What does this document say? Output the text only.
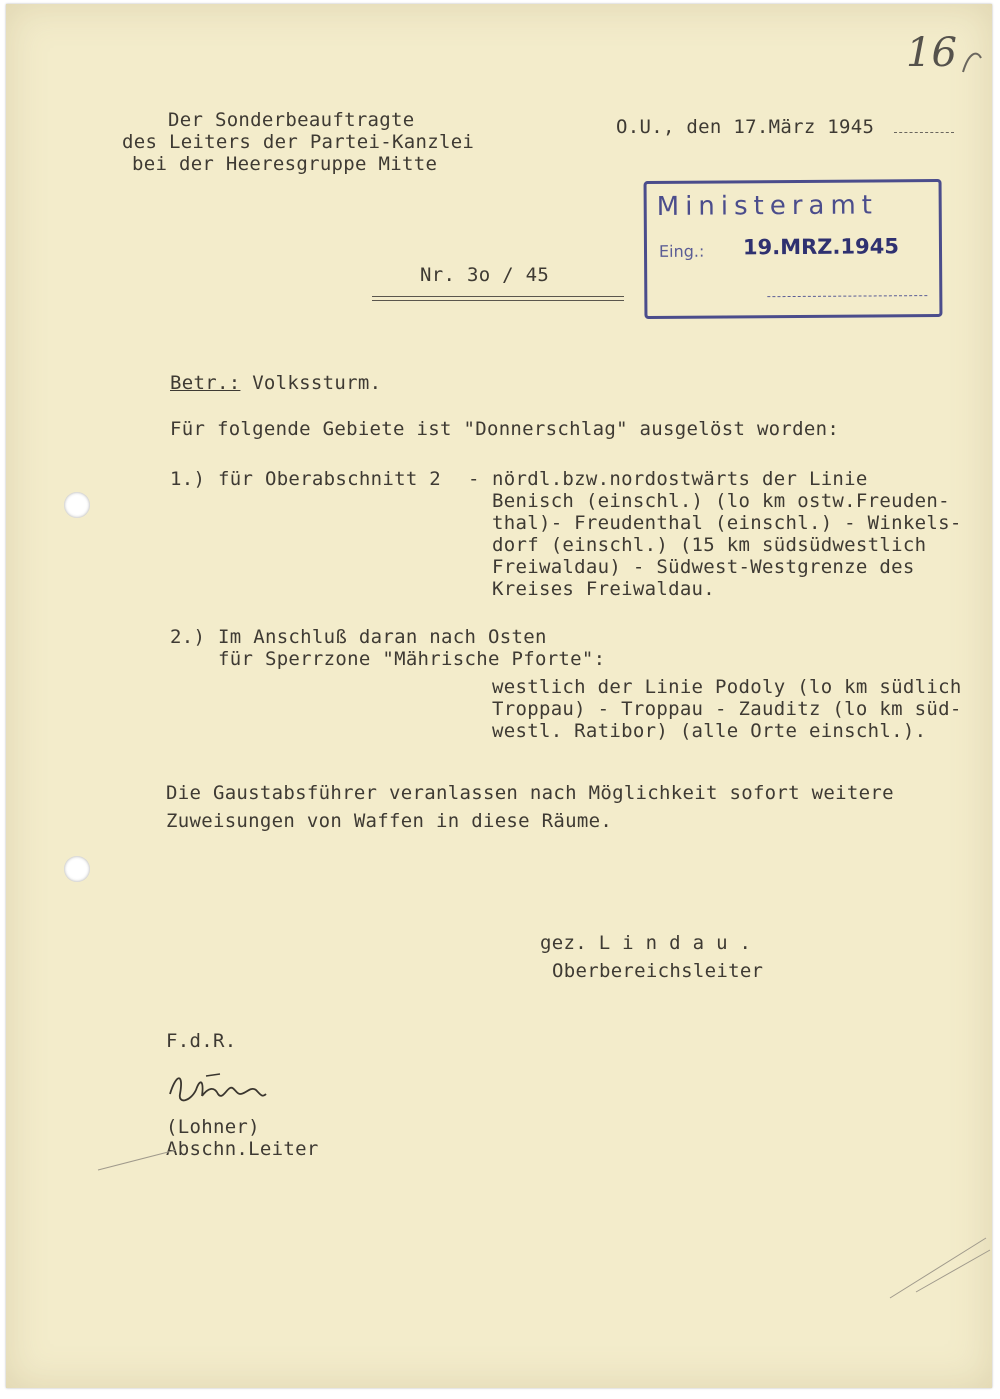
16
Der Sonderbeauftragte
des Leiters der Partei-Kanzlei
bei der Heeresgruppe Mitte
O.U., den 17.März 1945
Ministeramt
Eing.: 19.MRZ.1945
Nr. 3o / 45
Betr.: Volkssturm.
Für folgende Gebiete ist "Donnerschlag" ausgelöst worden:
1.) für Oberabschnitt 2 - nördl.bzw.nordostwärts der Linie
Benisch (einschl.) (lo km ostw.Freuden-
thal)- Freudenthal (einschl.) - Winkels-
dorf (einschl.) (15 km südsüdwestlich
Freiwaldau) - Südwest-Westgrenze des
Kreises Freiwaldau.
2.) Im Anschluß daran nach Osten
für Sperrzone "Mährische Pforte":
westlich der Linie Podoly (lo km südlich
Troppau) - Troppau - Zauditz (lo km süd-
westl. Ratibor) (alle Orte einschl.).
Die Gaustabsführer veranlassen nach Möglichkeit sofort weitere
Zuweisungen von Waffen in diese Räume.
gez. L i n d a u .
Oberbereichsleiter
F.d.R.
(Lohner)
Abschn.Leiter
